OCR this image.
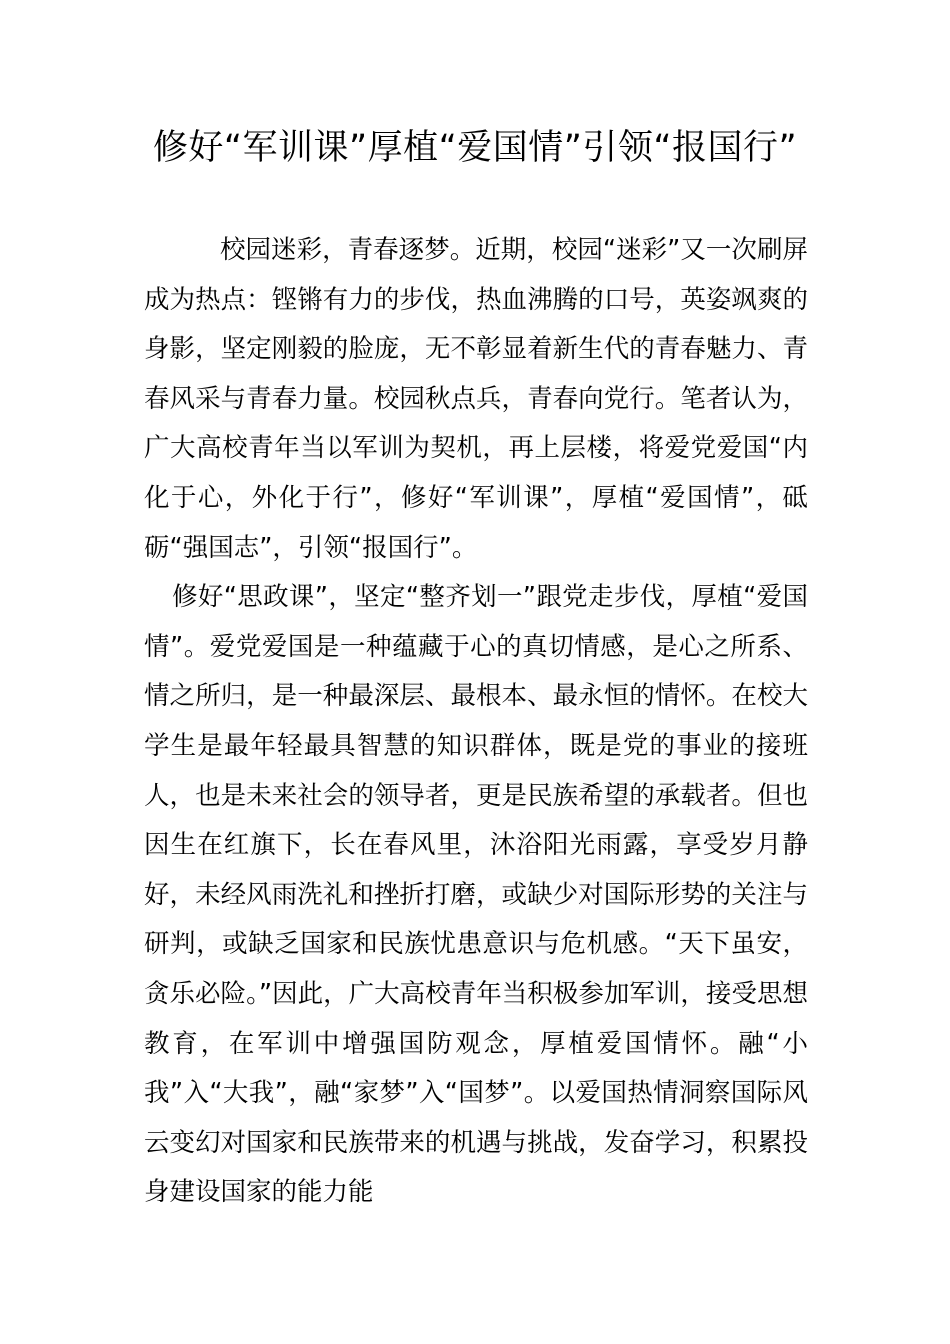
修好“军训课”厚植“爱国情”引领“报国行”

校园迷彩，青春逐梦。近期，校园“迷彩”又一次刷屏成为热点：铿锵有力的步伐，热血沸腾的口号，英姿飒爽的身影，坚定刚毅的脸庞，无不彰显着新生代的青春魅力、青春风采与青春力量。校园秋点兵，青春向党行。笔者认为，广大高校青年当以军训为契机，再上层楼，将爱党爱国“内化于心，外化于行”，修好“军训课”，厚植“爱国情”，砥砺“强国志”，引领“报国行”。

修好“思政课”，坚定“整齐划一”跟党走步伐，厚植“爱国情”。爱党爱国是一种蕴藏于心的真切情感，是心之所系、情之所归，是一种最深层、最根本、最永恒的情怀。在校大学生是最年轻最具智慧的知识群体，既是党的事业的接班人，也是未来社会的领导者，更是民族希望的承载者。但也因生在红旗下，长在春风里，沐浴阳光雨露，享受岁月静好，未经风雨洗礼和挫折打磨，或缺少对国际形势的关注与研判，或缺乏国家和民族忧患意识与危机感。“天下虽安，贪乐必险。”因此，广大高校青年当积极参加军训，接受思想教育，在军训中增强国防观念，厚植爱国情怀。融“小我”入“大我”，融“家梦”入“国梦”。以爱国热情洞察国际风云变幻对国家和民族带来的机遇与挑战，发奋学习，积累投身建设国家的能力能
